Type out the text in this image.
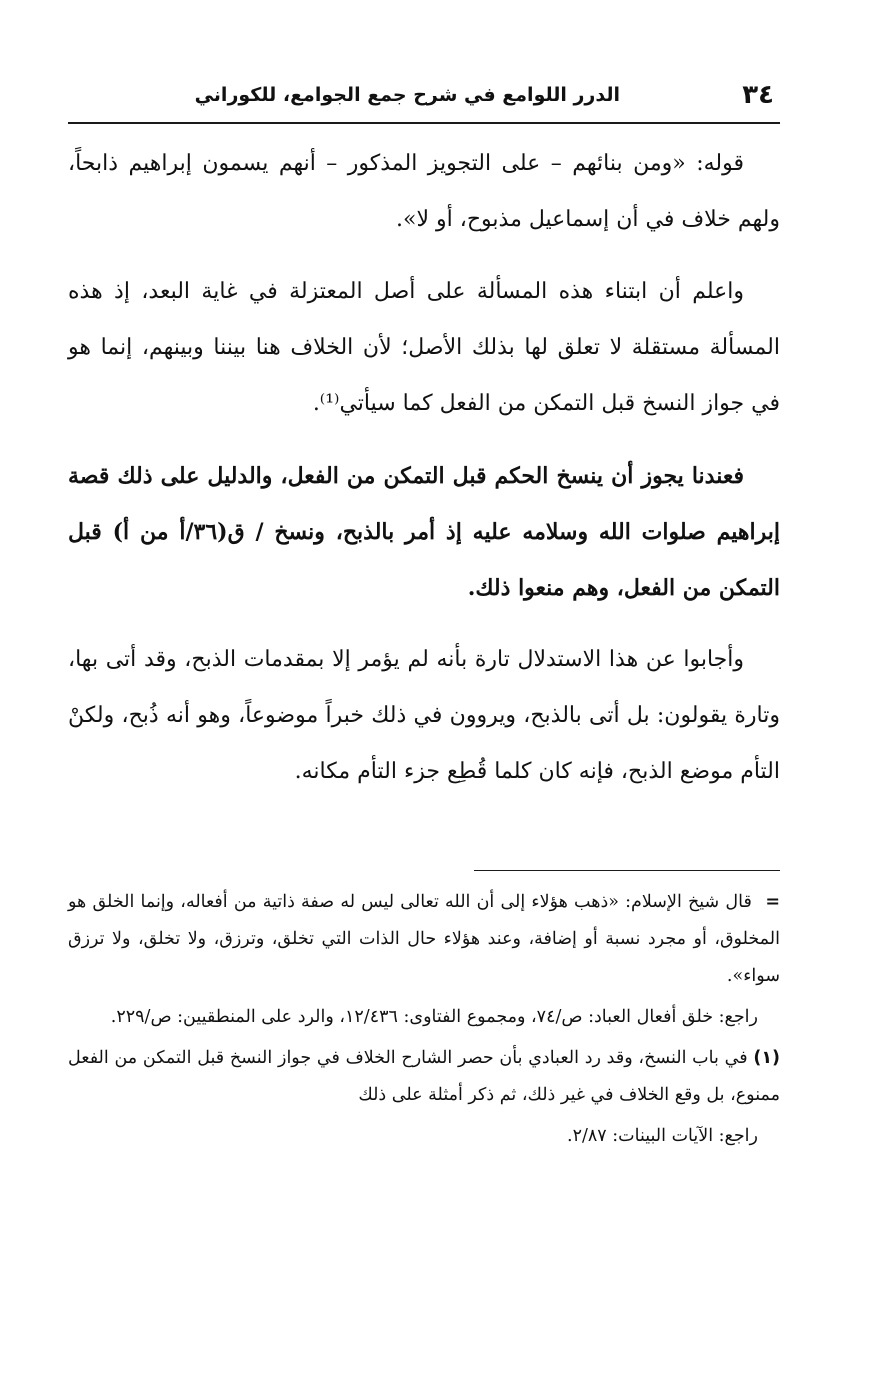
٣٤
الدرر اللوامع في شرح جمع الجوامع، للكوراني

قوله: «ومن بنائهم – على التجويز المذكور – أنهم يسمون إبراهيم ذابحاً، ولهم خلاف في أن إسماعيل مذبوح، أو لا».

واعلم أن ابتناء هذه المسألة على أصل المعتزلة في غاية البعد، إذ هذه المسألة مستقلة لا تعلق لها بذلك الأصل؛ لأن الخلاف هنا بيننا وبينهم، إنما هو في جواز النسخ قبل التمكن من الفعل كما سيأتي⁽¹⁾.

فعندنا يجوز أن ينسخ الحكم قبل التمكن من الفعل، والدليل على ذلك قصة إبراهيم صلوات الله وسلامه عليه إذ أمر بالذبح، ونسخ / ق(٣٦/أ من أ) قبل التمكن من الفعل، وهم منعوا ذلك.

وأجابوا عن هذا الاستدلال تارة بأنه لم يؤمر إلا بمقدمات الذبح، وقد أتى بها، وتارة يقولون: بل أتى بالذبح، ويروون في ذلك خبراً موضوعاً، وهو أنه ذُبح، ولكنْ التأم موضع الذبح، فإنه كان كلما قُطِع جزء التأم مكانه.

= قال شيخ الإسلام: «ذهب هؤلاء إلى أن الله تعالى ليس له صفة ذاتية من أفعاله، وإنما الخلق هو المخلوق، أو مجرد نسبة أو إضافة، وعند هؤلاء حال الذات التي تخلق، وترزق، ولا تخلق، ولا ترزق سواء».

راجع: خلق أفعال العباد: ص/٧٤، ومجموع الفتاوى: ١٢/٤٣٦، والرد على المنطقيين: ص/٢٢٩.

(١) في باب النسخ، وقد رد العبادي بأن حصر الشارح الخلاف في جواز النسخ قبل التمكن من الفعل ممنوع، بل وقع الخلاف في غير ذلك، ثم ذكر أمثلة على ذلك

راجع: الآيات البينات: ٢/٨٧.
